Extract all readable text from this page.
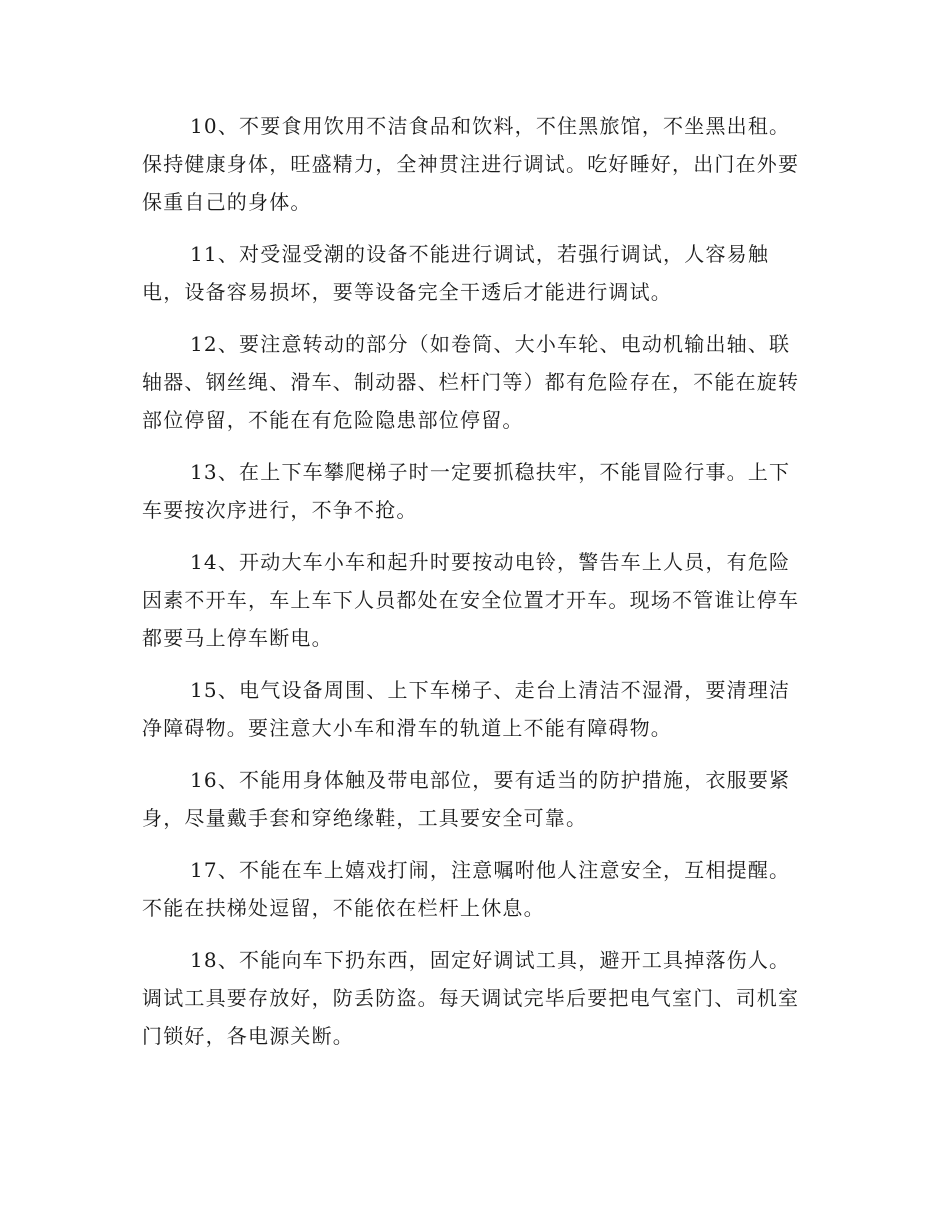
10、不要食用饮用不洁食品和饮料，不住黑旅馆，不坐黑出租。保持健康身体，旺盛精力，全神贯注进行调试。吃好睡好，出门在外要保重自己的身体。

11、对受湿受潮的设备不能进行调试，若强行调试，人容易触电，设备容易损坏，要等设备完全干透后才能进行调试。

12、要注意转动的部分（如卷筒、大小车轮、电动机输出轴、联轴器、钢丝绳、滑车、制动器、栏杆门等）都有危险存在，不能在旋转部位停留，不能在有危险隐患部位停留。

13、在上下车攀爬梯子时一定要抓稳扶牢，不能冒险行事。上下车要按次序进行，不争不抢。

14、开动大车小车和起升时要按动电铃，警告车上人员，有危险因素不开车，车上车下人员都处在安全位置才开车。现场不管谁让停车都要马上停车断电。

15、电气设备周围、上下车梯子、走台上清洁不湿滑，要清理洁净障碍物。要注意大小车和滑车的轨道上不能有障碍物。

16、不能用身体触及带电部位，要有适当的防护措施，衣服要紧身，尽量戴手套和穿绝缘鞋，工具要安全可靠。

17、不能在车上嬉戏打闹，注意嘱咐他人注意安全，互相提醒。不能在扶梯处逗留，不能依在栏杆上休息。

18、不能向车下扔东西，固定好调试工具，避开工具掉落伤人。调试工具要存放好，防丢防盗。每天调试完毕后要把电气室门、司机室门锁好，各电源关断。
